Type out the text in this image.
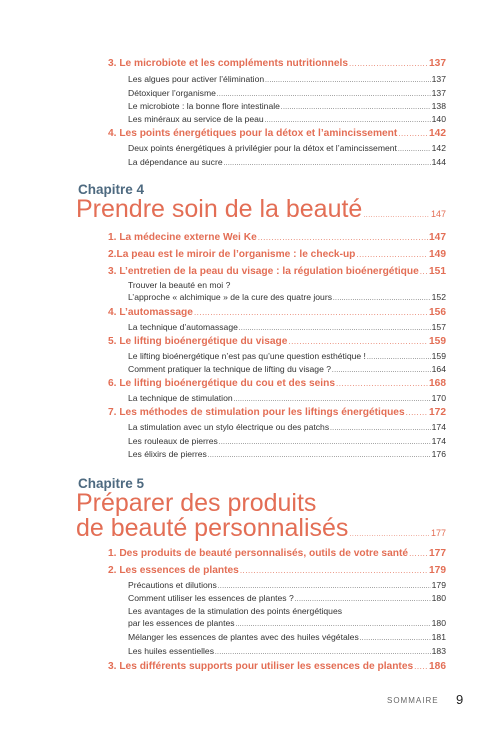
3. Le microbiote et les compléments nutritionnels .....	137
Les algues pour activer l’élimination .....	137
Détoxiquer l’organisme .....	137
Le microbiote : la bonne flore intestinale .....	138
Les minéraux au service de la peau .....	140
4. Les points énergétiques pour la détox et l’amincissement .....	142
Deux points énergétiques à privilégier pour la détox et l’amincissement .....	142
La dépendance au sucre .....	144
Chapitre 4
Prendre soin de la beauté .....	147
1. La médecine externe Wei Ke .....	147
2.La peau est le miroir de l’organisme : le check-up .....	149
3. L’entretien de la peau du visage : la régulation bioénergétique ..... 151
Trouver la beauté en moi ?
L’approche « alchimique » de la cure des quatre jours .....	152
4. L’automassage .....	156
La technique d’automassage .....	157
5. Le lifting bioénergétique du visage .....	159
Le lifting bioénergétique n’est pas qu’une question esthétique ! .....	159
Comment pratiquer la technique de lifting du visage ? .....	164
6. Le lifting bioénergétique du cou et des seins .....	168
La technique de stimulation .....	170
7. Les méthodes de stimulation pour les liftings énergétiques ..... 172
La stimulation avec un stylo électrique ou des patchs .....	174
Les rouleaux de pierres .....	174
Les élixirs de pierres .....	176
Chapitre 5
Préparer des produits
de beauté personnalisés .....	177
1. Des produits de beauté personnalisés, outils de votre santé ..... 177
2. Les essences de plantes .....	179
Précautions et dilutions .....	179
Comment utiliser les essences de plantes ? .....	180
Les avantages de la stimulation des points énergétiques
par les essences de plantes .....	180
Mélanger les essences de plantes avec des huiles végétales .....	181
Les huiles essentielles .....	183
3. Les différents supports pour utiliser les essences de plantes ..... 186
SOMMAIRE 9
